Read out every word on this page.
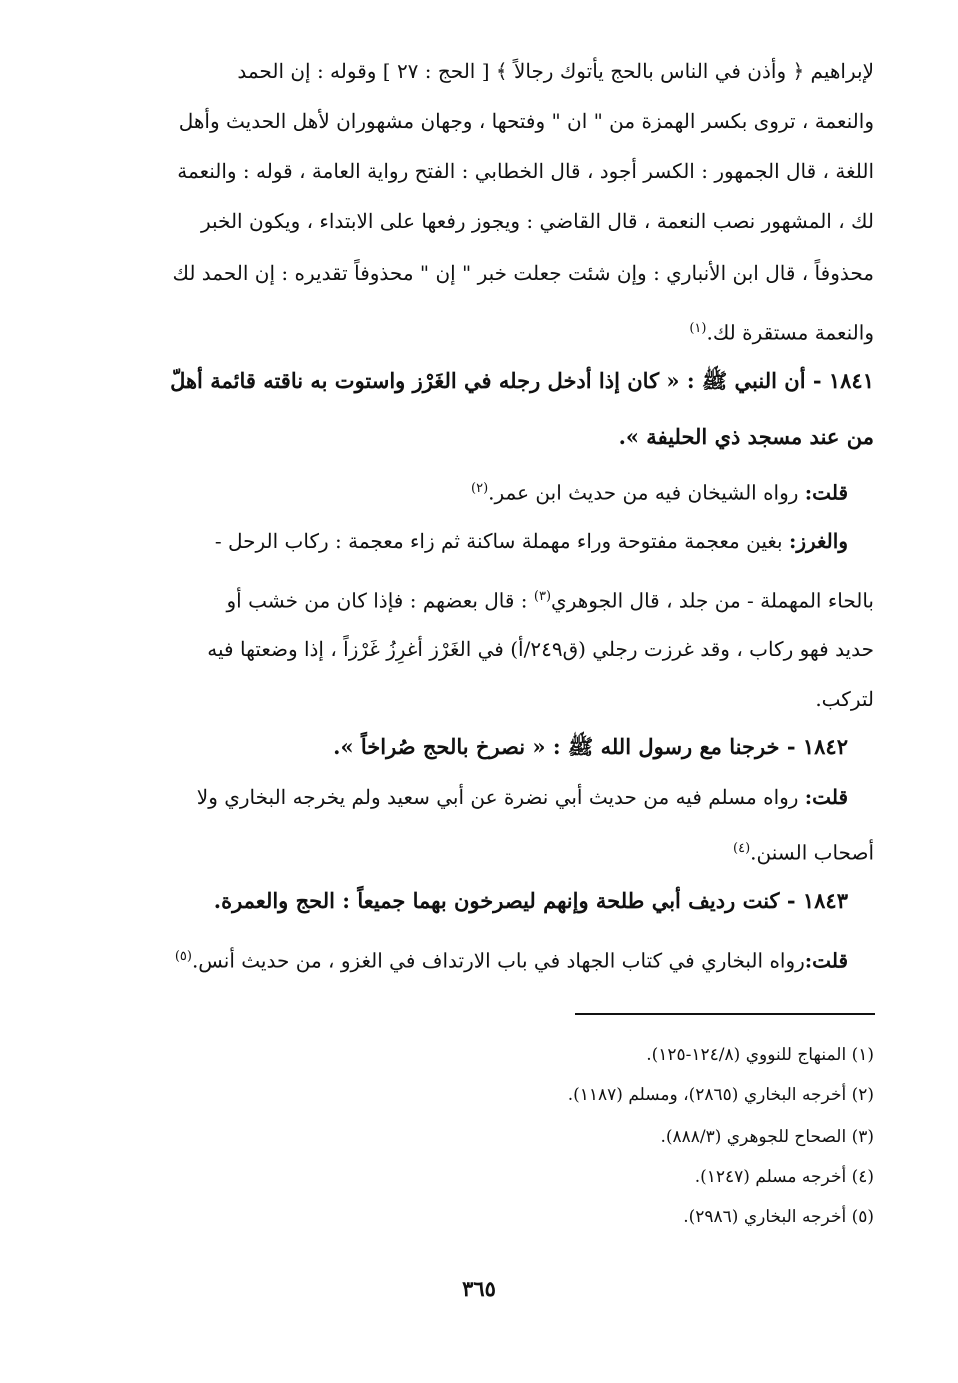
لإبراهيم ﴿ وأذن في الناس بالحج يأتوك رجالاً ﴾ [ الحج : ٢٧ ] وقوله : إن الحمد
والنعمة ، تروى بكسر الهمزة من " ان " وفتحها ، وجهان مشهوران لأهل الحديث وأهل
اللغة ، قال الجمهور : الكسر أجود ، قال الخطابي : الفتح رواية العامة ، قوله : والنعمة
لك ، المشهور نصب النعمة ، قال القاضي : ويجوز رفعها على الابتداء ، ويكون الخبر
محذوفاً ، قال ابن الأنباري : وإن شئت جعلت خبر " إن " محذوفاً تقديره : إن الحمد لك
والنعمة مستقرة لك.$^{(١)}$
١٨٤١ - أن النبي ﷺ : « كان إذا أدخل رجله في الغَرْز واستوت به ناقته قائمة أهلّ
من عند مسجد ذي الحليفة ».
قلت: رواه الشيخان فيه من حديث ابن عمر.$^{(٢)}$
والغرز: بغين معجمة مفتوحة وراء مهملة ساكنة ثم زاء معجمة : ركاب الرحل -
بالحاء المهملة - من جلد ، قال الجوهري$^{(٣)}$ : قال بعضهم : فإذا كان من خشب أو
حديد فهو ركاب ، وقد غرزت رجلي (ق٢٤٩/أ) في الغَرْز أغرِزُ غَرْزاً ، إذا وضعتها فيه
لتركب.
١٨٤٢ - خرجنا مع رسول الله ﷺ : « نصرخ بالحج صُراخاً ».
قلت: رواه مسلم فيه من حديث أبي نضرة عن أبي سعيد ولم يخرجه البخاري ولا
أصحاب السنن.$^{(٤)}$
١٨٤٣ - كنت رديف أبي طلحة وإنهم ليصرخون بهما جميعاً : الحج والعمرة.
قلت:رواه البخاري في كتاب الجهاد في باب الارتداف في الغزو ، من حديث أنس.$^{(٥)}$
(١) المنهاج للنووي (١٢٤/٨-١٢٥).
(٢) أخرجه البخاري (٢٨٦٥)، ومسلم (١١٨٧).
(٣) الصحاح للجوهري (٨٨٨/٣).
(٤) أخرجه مسلم (١٢٤٧).
(٥) أخرجه البخاري (٢٩٨٦).
٣٦٥
